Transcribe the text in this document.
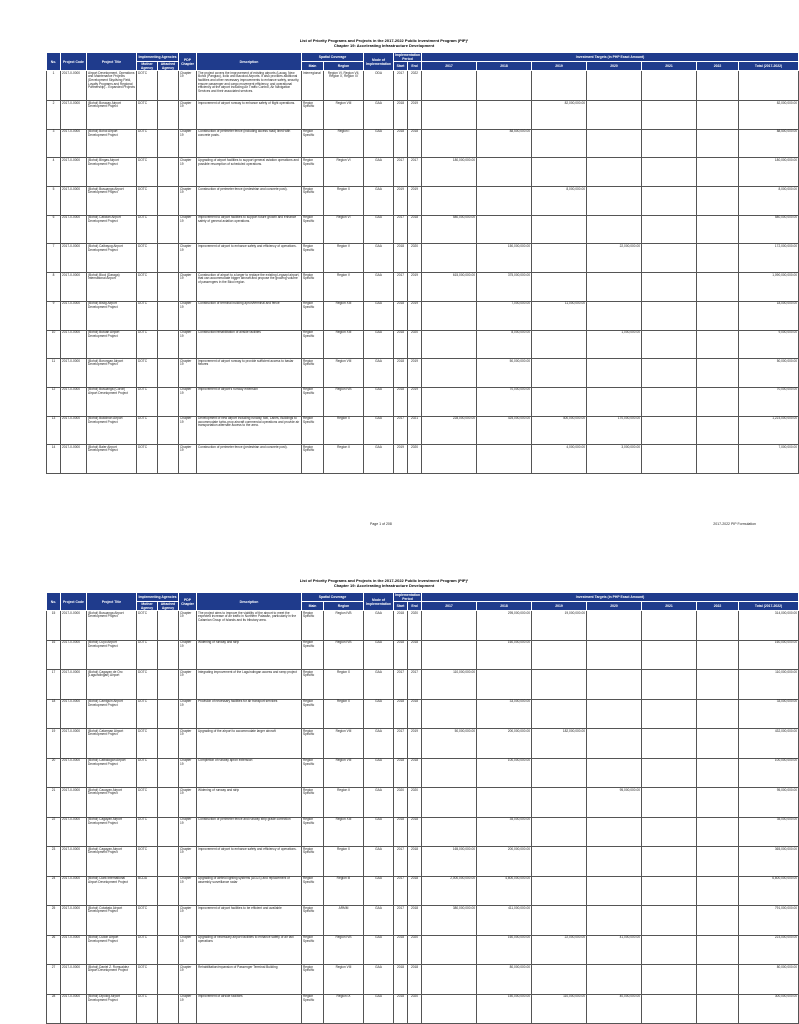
List of Priority Programs and Projects in the 2017-2022 Public Investment Program (PIP)¹
Chapter 19: Accelerating Infrastructure Development
No.	Project Code	Project Title	Implementing Agencies		PDP Chapter	Description	Spatial Coverage		Mode of Implementation	Implementation Period		Investment Targets (in PHP Exact Amount)						
			Mother Agency	Attached Agency			Main	Region		Start	End	2017	2018	2019	2020	2021	2022	Total (2017-2022)
1	2017-0-0000	Airport Development, Operations and Maintenance Projects (Development Skydiving Field, Loyalty Programs and Regional Partnership) - Expanded Projects	DOTC		Chapter 19	The project covers the improvement of existing airports (Laoag, New Bohol (Panglao), Iloilo and Bacolod Airports. It also provides additional facilities and other necessary improvements to enhance safety, security, ensure passenger and cargo movement efficiency, and operational efficiency at the airport including Air Traffic Control, Air Navigation Services and their associated services.	Interregional	Region VI, Region VII, Region X, Region XI	ODA	2017	2022							
2	2017-0-0000	(Bohol) Boracay Airport Development Project	DOTC		Chapter 19	Improvement of airport runway to enhance safety of flight operations.	Region Specific	Region VIII	GAA	2018	2019			82,000,000.00				82,000,000.00
3	2017-0-0000	(Bohol) Bohol Airport Development Project	DOTC		Chapter 19	Construction of perimeter fence (including access road) lined with concrete posts.	Region Specific	Region I	GAA	2018	2018		88,500,000.00					88,500,000.00
4	2017-0-0000	(Bohol) Bingas Airport Development Project	DOTC		Chapter 19	Upgrading of airport facilities to support general aviation operations and possible resumption of scheduled operations.	Region Specific	Region VI	GAA	2017	2017	180,000,000.00						180,000,000.00
5	2017-0-0000	(Bohol) Busuanga Airport Development Project	DOTC		Chapter 19	Construction of perimeter fence (pedestrian and concrete post).	Region Specific	Region X	GAA	2019	2019			8,000,000.00				8,000,000.00
6	2017-0-0000	(Bohol) Caticlan Airport Development Project	DOTC		Chapter 19	Improvement to airport facilities to support future growth and enhance safety of general aviation operations.	Region Specific	Region VI	GAA	2017	2018	580,000,000.00						580,000,000.00
7	2017-0-0000	(Bohol) Calbayog Airport Development Project	DOTC		Chapter 19	Improvement of airport to enhance safety and efficiency of operations.	Region Specific	Region V	GAA	2018	2020		150,000,000.00		22,000,000.00			172,000,000.00
8	2017-0-0000	(Bohol) Bicol (Daraga) International Airport	DOTC		Chapter 19	Construction of airport to a larger to replace the existing Legazpi airport, that can accommodate bigger aircraft and propose the growing volume of passengers in the Bicol region.	Region Specific	Region V	GAA	2017	2019	615,000,000.00	375,000,000.00					1,090,000,000.00
9	2017-0-0000	(Bohol) Bislig Airport Development Project	DOTC		Chapter 19	Construction of terminal building apron/terminal and fence	Region Specific	Region XIII	GAA	2018	2019		7,000,000.00	11,000,000.00				18,000,000.00
10	2017-0-0000	(Bohol) Butuan Airport Development Project	DOTC		Chapter 19	Construction/rehabilitation of airside facilities	Region Specific	Region XIII	GAA	2018	2020		8,000,000.00		1,000,000.00			9,000,000.00
11	2017-0-0000	(Bohol) Borongan Airport Development Project	DOTC		Chapter 19	Improvement of airport runway to provide sufficient access to baslar fixtures	Region Specific	Region VIII	GAA	2018	2019		50,000,000.00					50,000,000.00
12	2017-0-0000	(Bohol) Busuanga (Coron) Airport Development Project	DOTC		Chapter 19	Improvement of airport's runway extension	Region Specific	Region IVB	GAA	2018	2019		70,000,000.00					70,000,000.00
13	2017-0-0000	(Bohol) Bukidnon Airport Development Project	DOTC		Chapter 19	Development of new airport including runway, taxi, Lanes, Buildings to accommodate turbo-prop aircraft commercial operations and provide air transportation alternate access to the area.	Region Specific	Region X	GAA	2017	2021	228,000,000.00	425,000,000.00	400,000,000.00	170,000,000.00			1,223,000,000.00
14	2017-0-0000	(Bohol) Baler Airport Development Project	DOTC		Chapter 19	Construction of perimeter fence (pedestrian and concrete post).	Region Specific	Region II	GAA	2019	2020			4,000,000.00	3,000,000.00			7,000,000.00
Page 1 of 208	2017-2022 PIP Formulation
List of Priority Programs and Projects in the 2017-2022 Public Investment Program (PIP)¹
Chapter 19: Accelerating Infrastructure Development
No.	Project Code	Project Title	Implementing Agencies		PDP Chapter	Description	Spatial Coverage		Mode of Implementation	Implementation Period		Investment Targets (in PHP Exact Amount)						
			Mother Agency	Attached Agency			Main	Region		Start	End	2017	2018	2019	2020	2021	2022	Total (2017-2022)
15	2017-0-0000	(Bohol) Busuanga Airport Development Project	DOTC		Chapter 19	The project aims to improve the viability of the airport to meet the expected increase of air traffic in Northern Palawan, particularly in the Calamian Group of Islands and its tributary area.	Region Specific	Region IVB	GAA	2018	2020		295,000,000.00	19,000,000.00				314,000,000.00
16	2017-0-0000	(Bohol) Cuyo Airport Development Project	DOTC		Chapter 19	Widening of runway and strip	Region Specific	Region IVB	GAA	2018	2018		160,000,000.00					160,000,000.00
17	2017-0-0000	(Bohol) Cagayan de Oro (Laguindingan) Airport	DOTC		Chapter 19	Integrating improvement of the Laguindingan access and ramp project	Region Specific	Region X	GAA	2017	2017	110,000,000.00						110,000,000.00
18	2017-0-0000	(Bohol) Camiguin Airport Development Project	DOTC		Chapter 19	Provision of necessary facilities for air transport services	Region Specific	Region X	GAA	2018	2018		33,000,000.00					33,000,000.00
19	2017-0-0000	(Bohol) Catarman Airport Development Project	DOTC		Chapter 19	Upgrading of the airport to accommodate larger aircraft	Region Specific	Region VIII	GAA	2017	2019	50,000,000.00	200,000,000.00	182,000,000.00				432,000,000.00
20	2017-0-0000	(Bohol) Catbalogan Airport Development Project	DOTC		Chapter 19	Completion of runway apron extension	Region Specific	Region VIII	GAA	2018	2018		100,000,000.00					100,000,000.00
21	2017-0-0000	(Bohol) Cauayan Airport Development Project	DOTC		Chapter 19	Widening of runway and strip	Region Specific	Region II	GAA	2020	2020				95,000,000.00			95,000,000.00
22	2017-0-0000	(Bohol) Cagayan Airport Development Project	DOTC		Chapter 19	Construction of perimeter fence and runway strip grade correction	Region Specific	Region XIII	GAA	2018	2018		35,000,000.00					35,000,000.00
23	2017-0-0000	(Bohol) Cagayan Airport Development Project	DOTC		Chapter 19	Improvement of airport to enhance safety and efficiency of operations.	Region Specific	Region X	GAA	2017	2018	165,000,000.00	200,000,000.00					365,000,000.00
24	2017-0-0000	(Bohol) Clark International Airport Development Project	BCDA		Chapter 19	Upgrading of airfield lighting systems (AGLS) and replacement of assembly surveillance radar	Region Specific	Region III	GAA	2017	2018	2,000,000,000.00	4,600,000,000.00					6,600,000,000.00
25	2017-0-0000	(Bohol) Cotabato Airport Development Project	DOTC		Chapter 19	Improvement of airport facilities to be efficient and available	Region Specific	ARMM	GAA	2017	2018	380,000,000.00	411,000,000.00					791,000,000.00
26	2017-0-0000	(Bohol) Culion Airport Development Project	DOTC		Chapter 19	Upgrading of necessary airport facilities to enhance safety of air taxi operations	Region Specific	Region IVB	GAA	2018	2020		160,000,000.00	22,000,000.00	41,000,000.00			223,000,000.00
27	2017-0-0000	(Bohol) Daniel Z. Romualdez Airport Development Project	DOTC		Chapter 19	Rehabilitation/expansion of Passenger Terminal Building	Region Specific	Region VIII	GAA	2018	2018		80,000,000.00					80,000,000.00
28	2017-0-0000	(Bohol) Dipolog Airport Development Project	DOTC		Chapter 19	Improvement of airside facilities	Region Specific	Region IX	GAA	2018	2020		150,000,000.00	110,000,000.00	40,000,000.00			300,000,000.00
